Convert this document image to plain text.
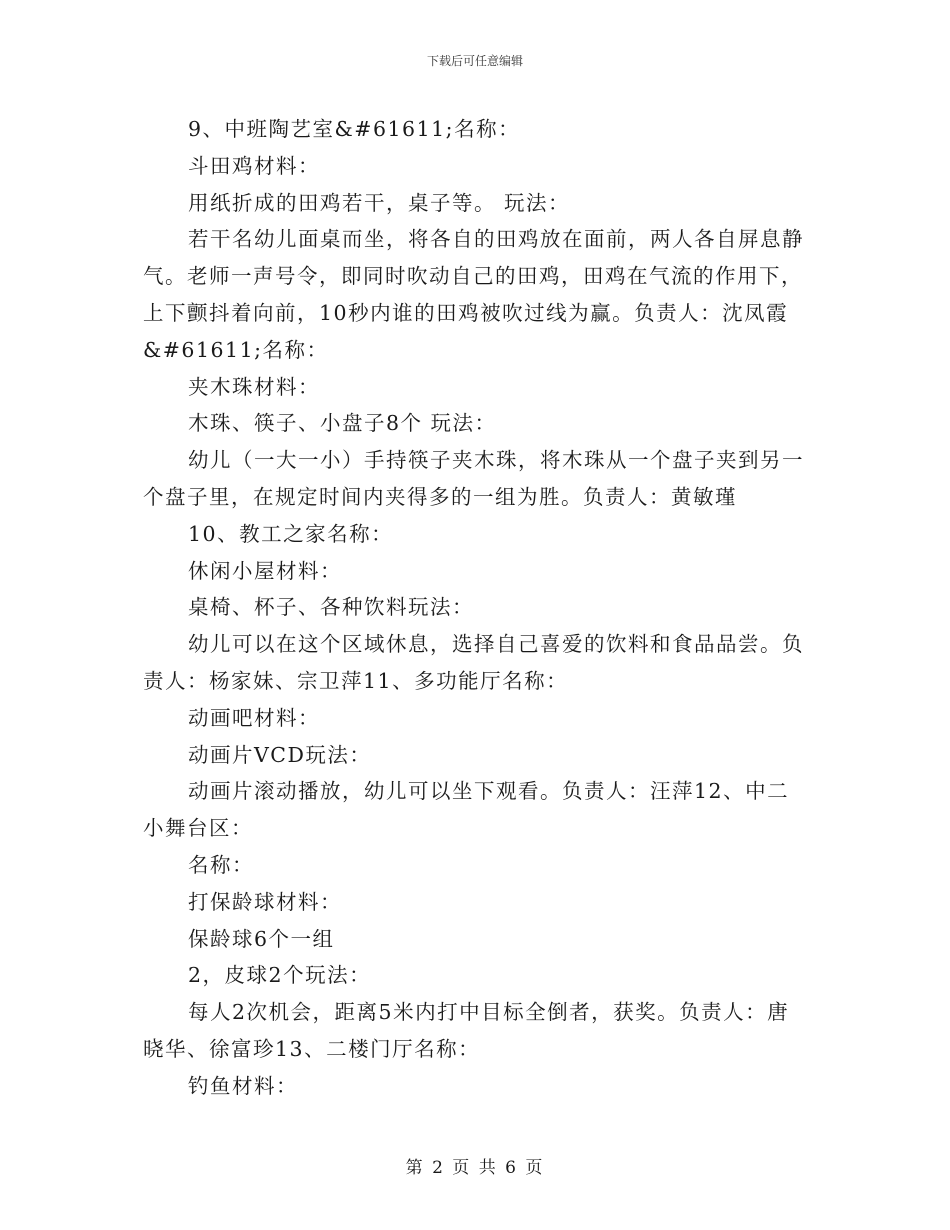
下载后可任意编辑

9、中班陶艺室&#61611;名称：

斗田鸡材料：

用纸折成的田鸡若干，桌子等。 玩法：

若干名幼儿面桌而坐，将各自的田鸡放在面前，两人各自屏息静气。老师一声号令，即同时吹动自己的田鸡，田鸡在气流的作用下，上下颤抖着向前，10秒内谁的田鸡被吹过线为赢。负责人：沈凤霞&#61611;名称：

夹木珠材料：

木珠、筷子、小盘子8个 玩法：

幼儿（一大一小）手持筷子夹木珠，将木珠从一个盘子夹到另一个盘子里，在规定时间内夹得多的一组为胜。负责人：黄敏瑾

10、教工之家名称：

休闲小屋材料：

桌椅、杯子、各种饮料玩法：

幼儿可以在这个区域休息，选择自己喜爱的饮料和食品品尝。负责人：杨家妹、宗卫萍11、多功能厅名称：

动画吧材料：

动画片VCD玩法：

动画片滚动播放，幼儿可以坐下观看。负责人：汪萍12、中二小舞台区：

名称：

打保龄球材料：

保龄球6个一组

2，皮球2个玩法：

每人2次机会，距离5米内打中目标全倒者，获奖。负责人：唐晓华、徐富珍13、二楼门厅名称：

钓鱼材料：

第 2 页 共 6 页
